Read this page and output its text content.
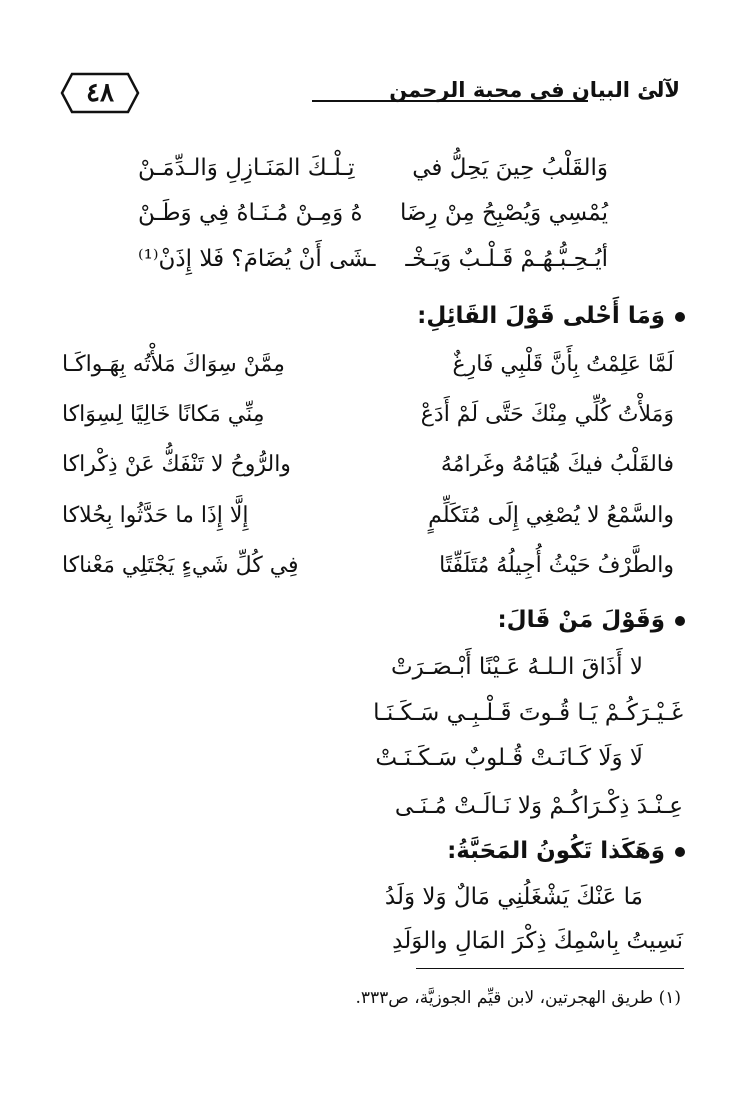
٤٨	لآلئ البيان في محبة الرحمن
وَالقَلْبُ حِينَ يَحِلُّ في
تِـلْـكَ المَنَـازِلِ وَالـدِّمَـنْ
يُمْسِي وَيُصْبِحُ مِنْ رِضَا
هُ وَمِـنْ مُـنَـاهُ فِي وَطَـنْ
أيُـحِـبُّـهُـمْ قَـلْـبٌ وَيَـخْـ
ـشَى أَنْ يُضَامَ؟ فَلا إِذَنْ⁽¹⁾
وَمَا أَحْلى قَوْلَ القَائِلِ:
لَمَّا عَلِمْتُ بِأَنَّ قَلْبِي فَارِغٌ
مِمَّنْ سِوَاكَ مَلأْتُه بِهَـواكَـا
وَمَلأْتُ كُلِّي مِنْكَ حَتَّى لَمْ أَدَعْ
مِنِّي مَكانًا خَالِيًا لِسِوَاكا
فالقَلْبُ فيكَ هُيَامُهُ وغَرامُهُ
والرُّوحُ لا تَنْفَكُّ عَنْ ذِكْراكا
والسَّمْعُ لا يُصْغِي إِلَى مُتَكَلِّمٍ
إِلَّا إِذَا ما حَدَّثُوا بِحُلاكا
والطَّرْفُ حَيْثُ أُجِيلُهُ مُتَلَفِّتًا
فِي كُلِّ شَيءٍ يَجْتَلِي مَعْناكا
وَقَوْلَ مَنْ قَالَ:
لا أَذَاقَ الـلـهُ عَـيْنًا أَبْـصَـرَتْ
غَـيْـرَكُـمْ يَـا قُـوتَ قَـلْـبِـي سَـكَـنَـا
لَا وَلَا كَـانَـتْ قُـلوبٌ سَـكَـنَـتْ
عِـنْـدَ ذِكْـرَاكُـمْ وَلا نَـالَـتْ مُـنَـى
وَهَكَذا تَكُونُ المَحَبَّةُ:
مَا عَنْكَ يَشْغَلُنِي مَالٌ وَلا وَلَدُ
نَسِيتُ بِاسْمِكَ ذِكْرَ المَالِ والوَلَدِ
(١) طريق الهجرتين، لابن قيِّم الجوزيَّة، ص٣٣٣.
